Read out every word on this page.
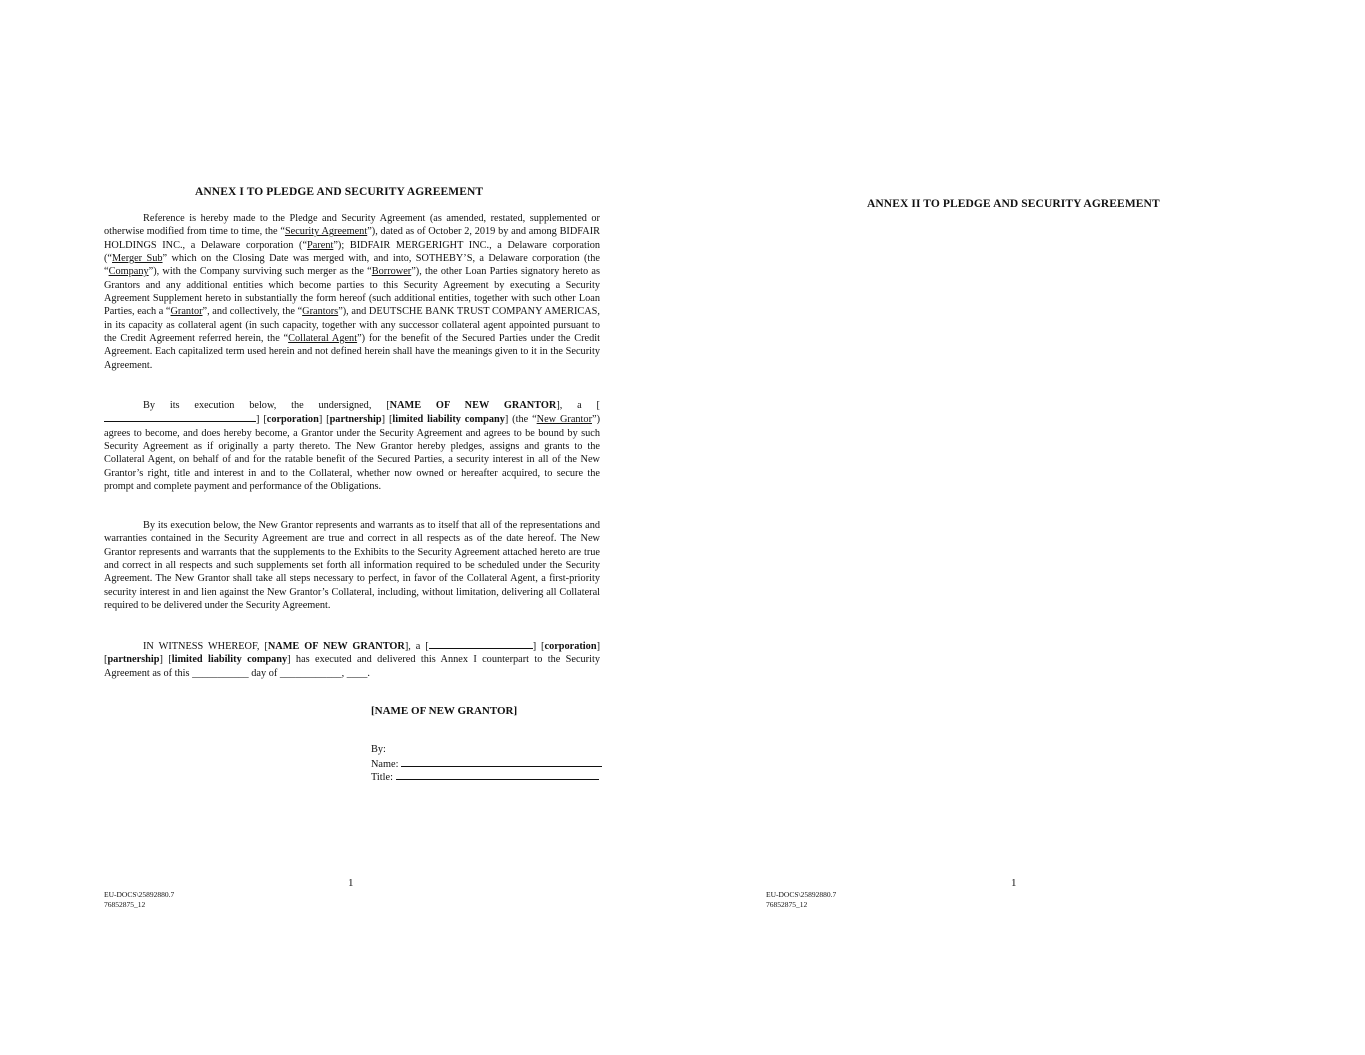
ANNEX I TO PLEDGE AND SECURITY AGREEMENT

Reference is hereby made to the Pledge and Security Agreement (as amended, restated, supplemented or otherwise modified from time to time, the “Security Agreement”), dated as of October 2, 2019 by and among BIDFAIR HOLDINGS INC., a Delaware corporation (“Parent”); BIDFAIR MERGERIGHT INC., a Delaware corporation (“Merger Sub” which on the Closing Date was merged with, and into, SOTHEBY’S, a Delaware corporation (the “Company”), with the Company surviving such merger as the “Borrower”), the other Loan Parties signatory hereto as Grantors and any additional entities which become parties to this Security Agreement by executing a Security Agreement Supplement hereto in substantially the form hereof (such additional entities, together with such other Loan Parties, each a “Grantor”, and collectively, the “Grantors”), and DEUTSCHE BANK TRUST COMPANY AMERICAS, in its capacity as collateral agent (in such capacity, together with any successor collateral agent appointed pursuant to the Credit Agreement referred herein, the “Collateral Agent”) for the benefit of the Secured Parties under the Credit Agreement. Each capitalized term used herein and not defined herein shall have the meanings given to it in the Security Agreement.

By its execution below, the undersigned, [NAME OF NEW GRANTOR], a [] [corporation] [partnership] [limited liability company] (the “New Grantor”) agrees to become, and does hereby become, a Grantor under the Security Agreement and agrees to be bound by such Security Agreement as if originally a party thereto. The New Grantor hereby pledges, assigns and grants to the Collateral Agent, on behalf of and for the ratable benefit of the Secured Parties, a security interest in all of the New Grantor’s right, title and interest in and to the Collateral, whether now owned or hereafter acquired, to secure the prompt and complete payment and performance of the Obligations.

By its execution below, the New Grantor represents and warrants as to itself that all of the representations and warranties contained in the Security Agreement are true and correct in all respects as of the date hereof. The New Grantor represents and warrants that the supplements to the Exhibits to the Security Agreement attached hereto are true and correct in all respects and such supplements set forth all information required to be scheduled under the Security Agreement. The New Grantor shall take all steps necessary to perfect, in favor of the Collateral Agent, a first-priority security interest in and lien against the New Grantor’s Collateral, including, without limitation, delivering all Collateral required to be delivered under the Security Agreement.

IN WITNESS WHEREOF, [NAME OF NEW GRANTOR], a [	] [corporation] [partnership] [limited liability company] has executed and delivered this Annex I counterpart to the Security Agreement as of this ___________ day of ____________, ____.

[NAME OF NEW GRANTOR]
By:
Name:
Title:
1
EU-DOCS\25892880.7
76852875_12
ANNEX II TO PLEDGE AND SECURITY AGREEMENT
1
EU-DOCS\25892880.7
76852875_12
